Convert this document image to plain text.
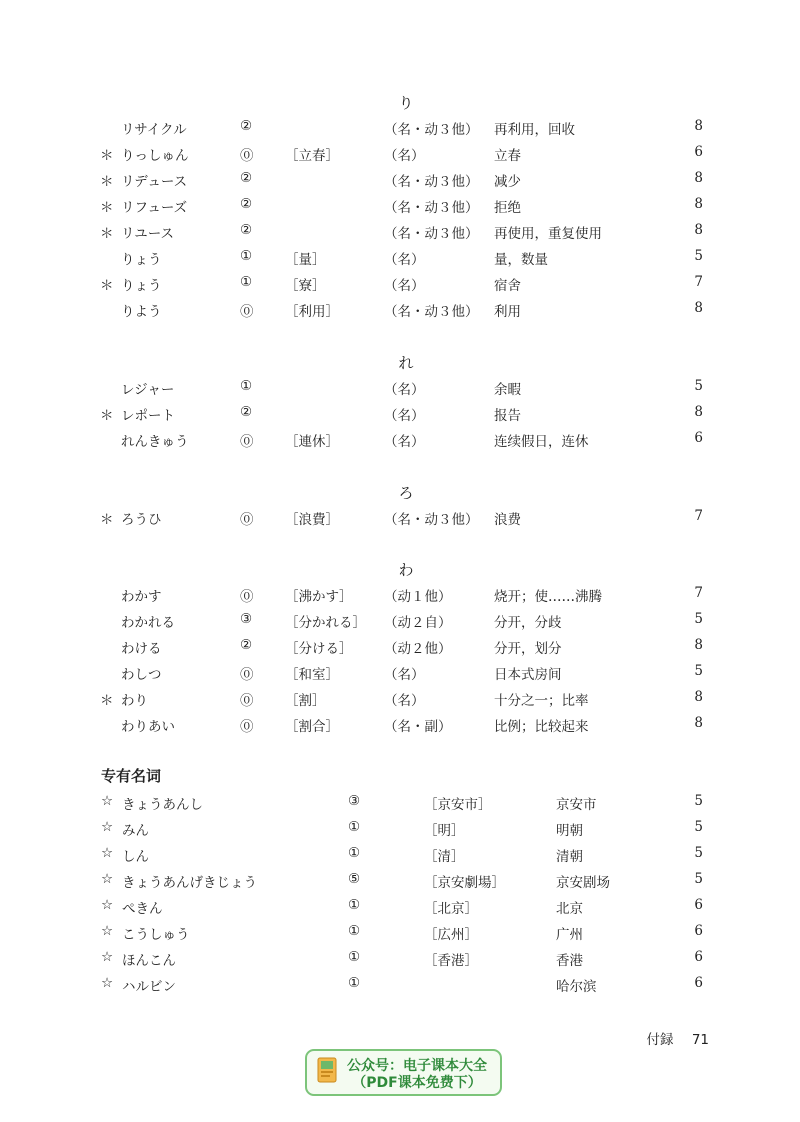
り
れ
ろ
わ
リサイクル	②	（名・动３他） 再利用，回收	8
＊ りっしゅん	⓪ ［立春］	（名）	立春	6
＊ リデュース	②	（名・动３他） 减少	8
＊ リフューズ	②	（名・动３他） 拒绝	8
＊ リユース	②	（名・动３他） 再使用，重复使用	8
りょう	① ［量］	（名）	量，数量	5
＊ りょう	① ［寮］	（名）	宿舍	7
りよう	⓪ ［利用］	（名・动３他） 利用	8
レジャー	①	（名）	余暇	5
＊ レポート	②	（名）	报告	8
れんきゅう	⓪ ［連休］	（名）	连续假日，连休	6
＊ ろうひ	⓪ ［浪費］	（名・动３他） 浪费	7
わかす	⓪ ［沸かす］ （动１他）	烧开；使……沸腾	7
わかれる	③ ［分かれる］ （动２自）	分开，分歧	5
わける	② ［分ける］ （动２他）	分开，划分	8
わしつ	⓪ ［和室］	（名）	日本式房间	5
＊ わり	⓪ ［割］	（名）	十分之一；比率	8
わりあい	⓪ ［割合］	（名・副）	比例；比较起来	8
专有名词
☆ きょうあんし	③	［京安市］	京安市	5
☆ みん	①	［明］	明朝	5
☆ しん	①	［清］	清朝	5
☆ きょうあんげきじょう	⑤	［京安劇場］	京安剧场	5
☆ ぺきん	①	［北京］	北京	6
☆ こうしゅう	①	［広州］	广州	6
☆ ほんこん	①	［香港］	香港	6
☆ ハルビン	①	哈尔滨	6
付録 71
公众号：电子课本大全
（PDF课本免费下）
